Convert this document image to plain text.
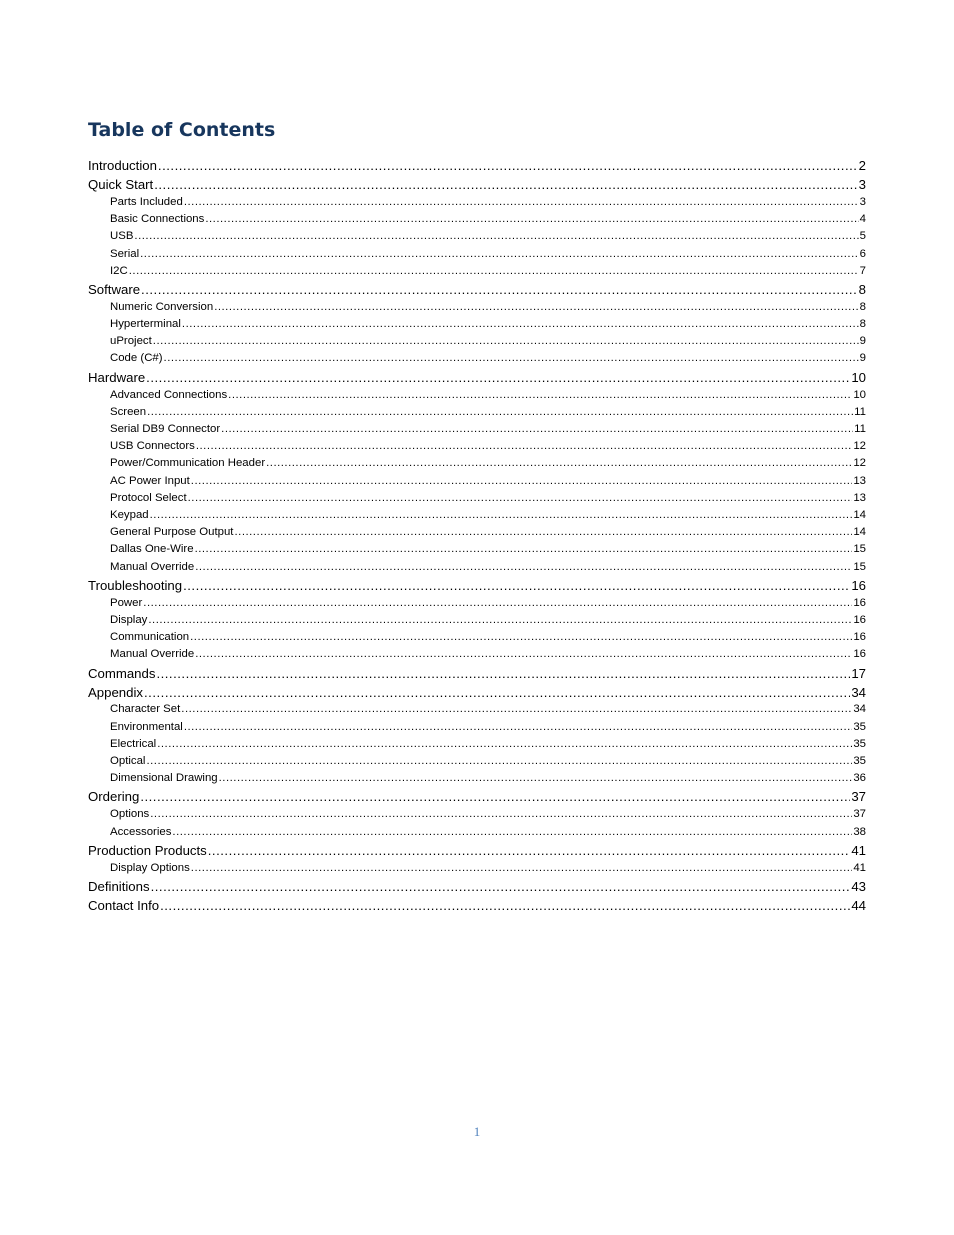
Table of Contents
Introduction .....	2
Quick Start .....	3
Parts Included .....	3
Basic Connections .....	4
USB .....	5
Serial .....	6
I2C .....	7
Software .....	8
Numeric Conversion .....	8
Hyperterminal .....	8
uProject .....	9
Code (C#) .....	9
Hardware .....	10
Advanced Connections .....	10
Screen .....	11
Serial DB9 Connector .....	11
USB Connectors .....	12
Power/Communication Header .....	12
AC Power Input .....	13
Protocol Select .....	13
Keypad .....	14
General Purpose Output .....	14
Dallas One-Wire .....	15
Manual Override .....	15
Troubleshooting .....	16
Power .....	16
Display .....	16
Communication .....	16
Manual Override .....	16
Commands .....	17
Appendix .....	34
Character Set .....	34
Environmental .....	35
Electrical .....	35
Optical .....	35
Dimensional Drawing .....	36
Ordering .....	37
Options .....	37
Accessories .....	38
Production Products .....	41
Display Options .....	41
Definitions .....	43
Contact Info .....	44
1
